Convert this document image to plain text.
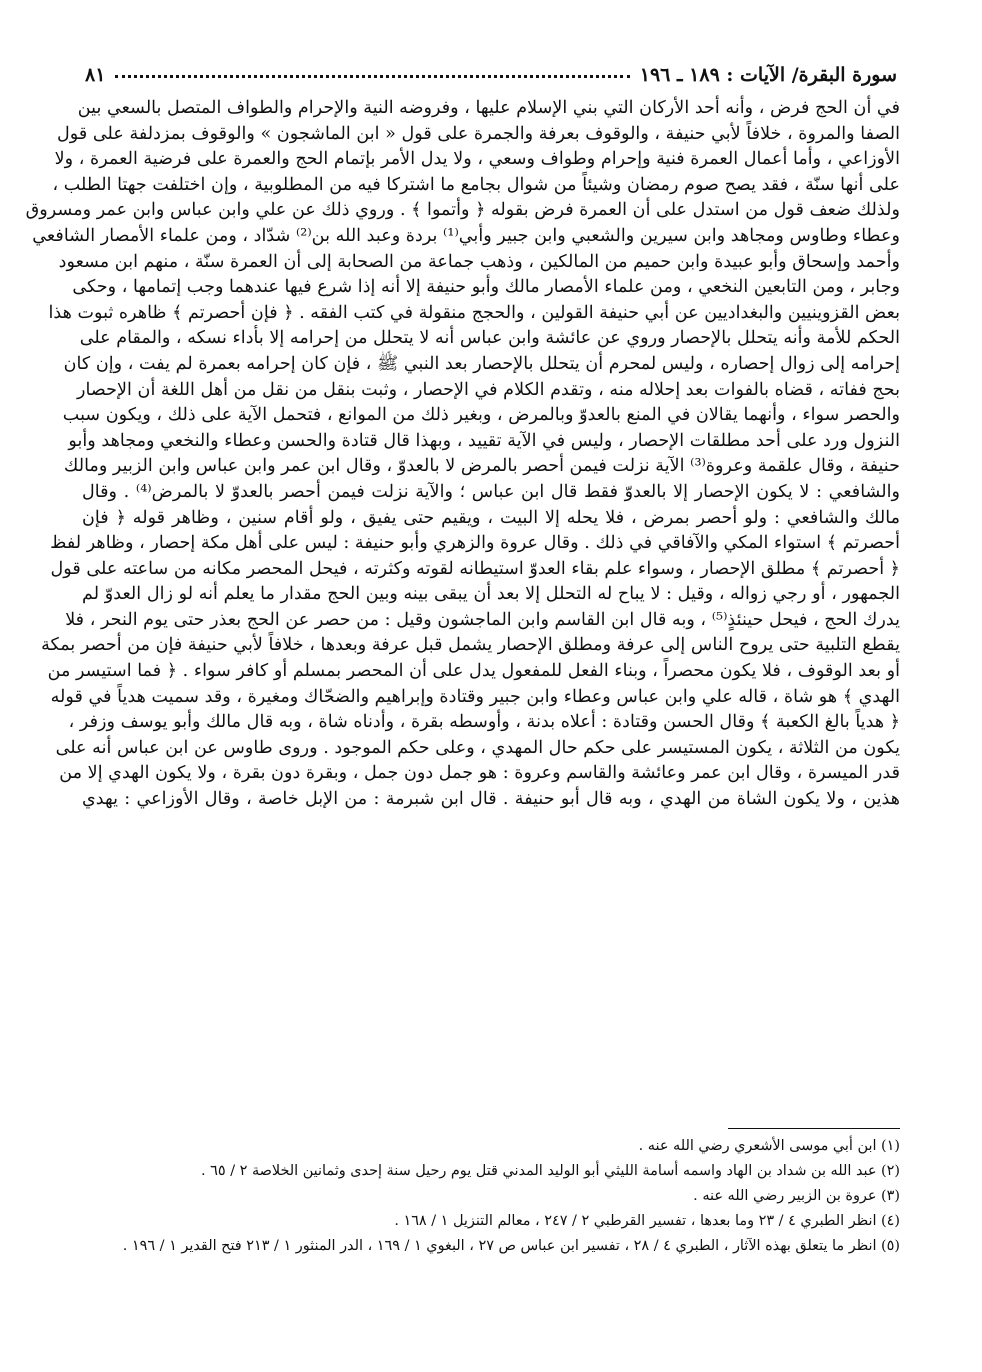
سورة البقرة/ الآيات : ١٨٩ ـ ١٩٦
٨١
في أن الحج فرض ، وأنه أحد الأركان التي بني الإسلام عليها ، وفروضه النية والإحرام والطواف المتصل بالسعي بين
الصفا والمروة ، خلافاً لأبي حنيفة ، والوقوف بعرفة والجمرة على قول « ابن الماشجون » والوقوف بمزدلفة على قول
الأوزاعي ، وأما أعمال العمرة فنية وإحرام وطواف وسعي ، ولا يدل الأمر بإتمام الحج والعمرة على فرضية العمرة ، ولا
على أنها سنّة ، فقد يصح صوم رمضان وشيئاً من شوال بجامع ما اشتركا فيه من المطلوبية ، وإن اختلفت جهتا الطلب ،
ولذلك ضعف قول من استدل على أن العمرة فرض بقوله ﴿ وأتموا ﴾ . وروي ذلك عن علي وابن عباس وابن عمر ومسروق
وعطاء وطاوس ومجاهد وابن سيرين والشعبي وابن جبير وأبي⁽¹⁾ بردة وعبد الله بن⁽²⁾ شدّاد ، ومن علماء الأمصار الشافعي
وأحمد وإسحاق وأبو عبيدة وابن حميم من المالكين ، وذهب جماعة من الصحابة إلى أن العمرة سنّة ، منهم ابن مسعود
وجابر ، ومن التابعين النخعي ، ومن علماء الأمصار مالك وأبو حنيفة إلا أنه إذا شرع فيها عندهما وجب إتمامها ، وحكى
بعض القزوينيين والبغداديين عن أبي حنيفة القولين ، والحجج منقولة في كتب الفقه . ﴿ فإن أحصرتم ﴾ ظاهره ثبوت هذا
الحكم للأمة وأنه يتحلل بالإحصار وروي عن عائشة وابن عباس أنه لا يتحلل من إحرامه إلا بأداء نسكه ، والمقام على
إحرامه إلى زوال إحصاره ، وليس لمحرم أن يتحلل بالإحصار بعد النبي ﷺ ، فإن كان إحرامه بعمرة لم يفت ، وإن كان
بحج ففاته ، قضاه بالفوات بعد إحلاله منه ، وتقدم الكلام في الإحصار ، وثبت بنقل من نقل من أهل اللغة أن الإحصار
والحصر سواء ، وأنهما يقالان في المنع بالعدوّ وبالمرض ، وبغير ذلك من الموانع ، فتحمل الآية على ذلك ، ويكون سبب
النزول ورد على أحد مطلقات الإحصار ، وليس في الآية تقييد ، وبهذا قال قتادة والحسن وعطاء والنخعي ومجاهد وأبو
حنيفة ، وقال علقمة وعروة⁽³⁾ الآية نزلت فيمن أحصر بالمرض لا بالعدوّ ، وقال ابن عمر وابن عباس وابن الزبير ومالك
والشافعي : لا يكون الإحصار إلا بالعدوّ فقط قال ابن عباس ؛ والآية نزلت فيمن أحصر بالعدوّ لا بالمرض⁽⁴⁾ . وقال
مالك والشافعي : ولو أحصر بمرض ، فلا يحله إلا البيت ، ويقيم حتى يفيق ، ولو أقام سنين ، وظاهر قوله ﴿ فإن
أحصرتم ﴾ استواء المكي والآفاقي في ذلك . وقال عروة والزهري وأبو حنيفة : ليس على أهل مكة إحصار ، وظاهر لفظ
﴿ أحصرتم ﴾ مطلق الإحصار ، وسواء علم بقاء العدوّ استيطانه لقوته وكثرته ، فيحل المحصر مكانه من ساعته على قول
الجمهور ، أو رجي زواله ، وقيل : لا يباح له التحلل إلا بعد أن يبقى بينه وبين الحج مقدار ما يعلم أنه لو زال العدوّ لم
يدرك الحج ، فيحل حينئذٍ⁽⁵⁾ ، وبه قال ابن القاسم وابن الماجشون وقيل : من حصر عن الحج بعذر حتى يوم النحر ، فلا
يقطع التلبية حتى يروح الناس إلى عرفة ومطلق الإحصار يشمل قبل عرفة وبعدها ، خلافاً لأبي حنيفة فإن من أحصر بمكة
أو بعد الوقوف ، فلا يكون محصراً ، وبناء الفعل للمفعول يدل على أن المحصر بمسلم أو كافر سواء . ﴿ فما استيسر من
الهدي ﴾ هو شاة ، قاله علي وابن عباس وعطاء وابن جبير وقتادة وإبراهيم والضحّاك ومغيرة ، وقد سميت هدياً في قوله
﴿ هدياً بالغ الكعبة ﴾ وقال الحسن وقتادة : أعلاه بدنة ، وأوسطه بقرة ، وأدناه شاة ، وبه قال مالك وأبو يوسف وزفر ،
يكون من الثلاثة ، يكون المستيسر على حكم حال المهدي ، وعلى حكم الموجود . وروى طاوس عن ابن عباس أنه على
قدر الميسرة ، وقال ابن عمر وعائشة والقاسم وعروة : هو جمل دون جمل ، وبقرة دون بقرة ، ولا يكون الهدي إلا من
هذين ، ولا يكون الشاة من الهدي ، وبه قال أبو حنيفة . قال ابن شبرمة : من الإبل خاصة ، وقال الأوزاعي : يهدي
(١) ابن أبي موسى الأشعري رضي الله عنه .
(٢) عبد الله بن شداد بن الهاد واسمه أسامة الليثي أبو الوليد المدني قتل يوم رحيل سنة إحدى وثمانين الخلاصة ٢ / ٦٥ .
(٣) عروة بن الزبير رضي الله عنه .
(٤) انظر الطبري ٤ / ٢٣ وما بعدها ، تفسير القرطبي ٢ / ٢٤٧ ، معالم التنزيل ١ / ١٦٨ .
(٥) انظر ما يتعلق بهذه الآثار ، الطبري ٤ / ٢٨ ، تفسير ابن عباس ص ٢٧ ، البغوي ١ / ١٦٩ ، الدر المنثور ١ / ٢١٣ فتح القدير ١ / ١٩٦ .
